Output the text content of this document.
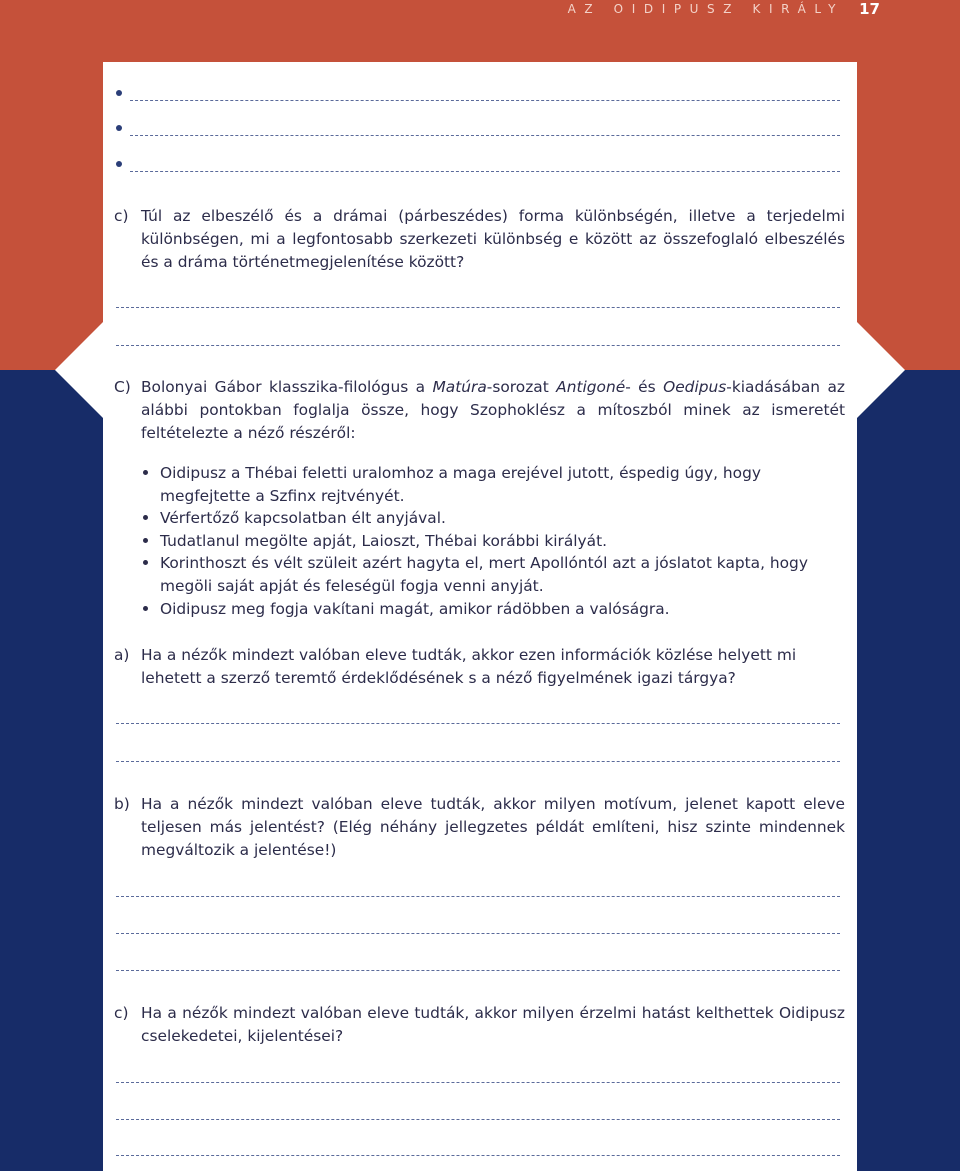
AZ OIDIPUSZ KIRÁLY 17
c) Túl az elbeszélő és a drámai (párbeszédes) forma különbségén, illetve a terjedelmi különbségen, mi a legfontosabb szerkezeti különbség e között az összefoglaló elbeszélés és a dráma történetmegjelenítése között?
C) Bolonyai Gábor klasszika-filológus a Matúra-sorozat Antigoné- és Oedipus-kiadásában az alábbi pontokban foglalja össze, hogy Szophoklész a mítoszból minek az ismeretét feltételezte a néző részéről:
Oidipusz a Thébai feletti uralomhoz a maga erejével jutott, éspedig úgy, hogy megfejtette a Szfinx rejtvényét.
Vérfertőző kapcsolatban élt anyjával.
Tudatlanul megölte apját, Laioszt, Thébai korábbi királyát.
Korinthoszt és vélt szüleit azért hagyta el, mert Apollóntól azt a jóslatot kapta, hogy megöli saját apját és feleségül fogja venni anyját.
Oidipusz meg fogja vakítani magát, amikor rádöbben a valóságra.
a) Ha a nézők mindezt valóban eleve tudták, akkor ezen információk közlése helyett mi lehetett a szerző teremtő érdeklődésének s a néző figyelmének igazi tárgya?
b) Ha a nézők mindezt valóban eleve tudták, akkor milyen motívum, jelenet kapott eleve teljesen más jelentést? (Elég néhány jellegzetes példát említeni, hisz szinte mindennek megváltozik a jelentése!)
c) Ha a nézők mindezt valóban eleve tudták, akkor milyen érzelmi hatást kelthettek Oidipusz cselekedetei, kijelentései?
